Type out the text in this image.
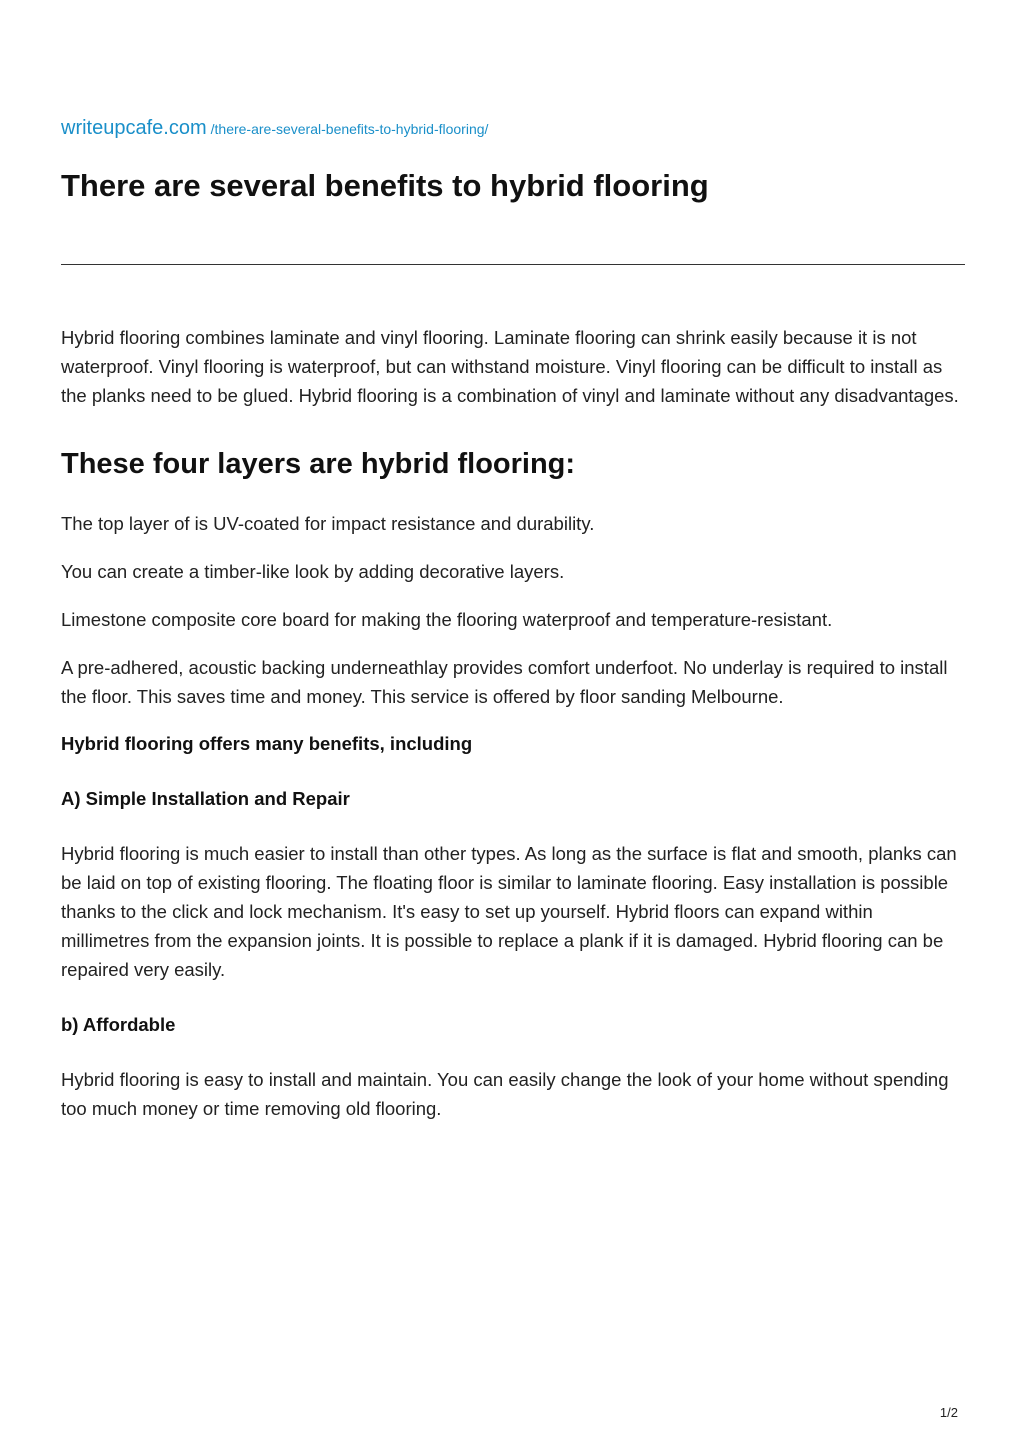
writeupcafe.com /there-are-several-benefits-to-hybrid-flooring/
There are several benefits to hybrid flooring

Hybrid flooring combines laminate and vinyl flooring. Laminate flooring can shrink easily because it is not waterproof. Vinyl flooring is waterproof, but can withstand moisture. Vinyl flooring can be difficult to install as the planks need to be glued. Hybrid flooring is a combination of vinyl and laminate without any disadvantages.

These four layers are hybrid flooring:

The top layer of is UV-coated for impact resistance and durability.

You can create a timber-like look by adding decorative layers.

Limestone composite core board for making the flooring waterproof and temperature-resistant.

A pre-adhered, acoustic backing underneathlay provides comfort underfoot. No underlay is required to install the floor. This saves time and money. This service is offered by floor sanding Melbourne.

Hybrid flooring offers many benefits, including
A) Simple Installation and Repair

Hybrid flooring is much easier to install than other types. As long as the surface is flat and smooth, planks can be laid on top of existing flooring. The floating floor is similar to laminate flooring. Easy installation is possible thanks to the click and lock mechanism. It's easy to set up yourself. Hybrid floors can expand within millimetres from the expansion joints. It is possible to replace a plank if it is damaged. Hybrid flooring can be repaired very easily.

b) Affordable

Hybrid flooring is easy to install and maintain. You can easily change the look of your home without spending too much money or time removing old flooring.

1/2
